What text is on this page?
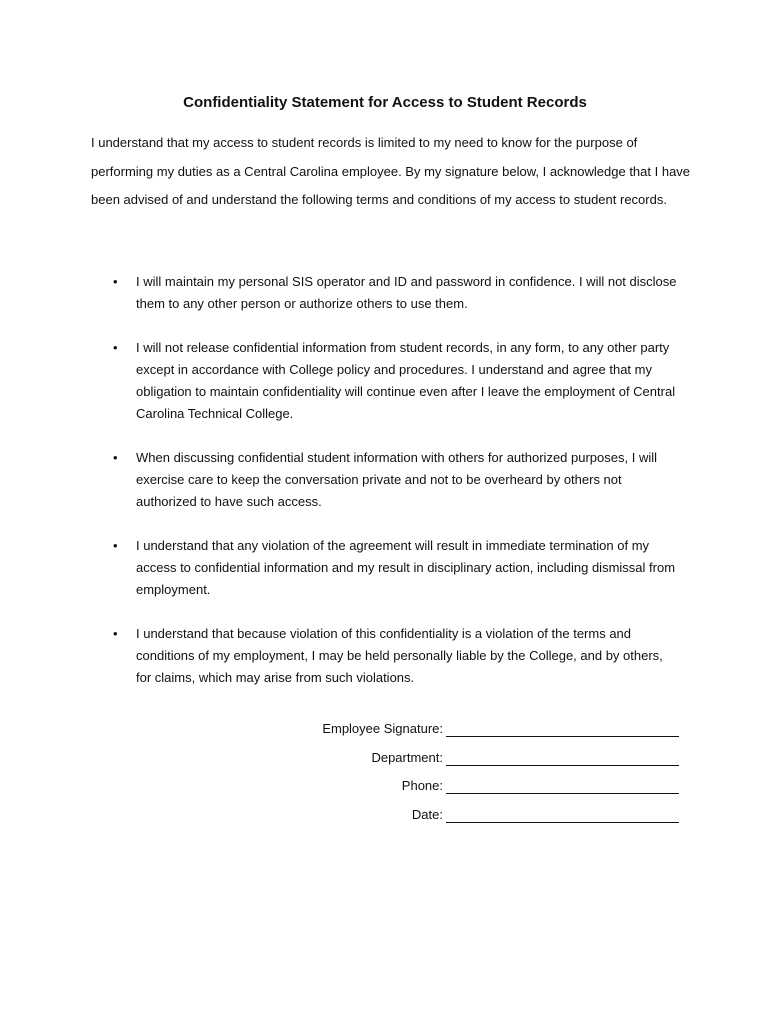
Confidentiality Statement for Access to Student Records

I understand that my access to student records is limited to my need to know for the purpose of performing my duties as a Central Carolina employee. By my signature below, I acknowledge that I have been advised of and understand the following terms and conditions of my access to student records.

• I will maintain my personal SIS operator and ID and password in confidence. I will not disclose them to any other person or authorize others to use them.
• I will not release confidential information from student records, in any form, to any other party except in accordance with College policy and procedures. I understand and agree that my obligation to maintain confidentiality will continue even after I leave the employment of Central Carolina Technical College.
• When discussing confidential student information with others for authorized purposes, I will exercise care to keep the conversation private and not to be overheard by others not authorized to have such access.
• I understand that any violation of the agreement will result in immediate termination of my access to confidential information and my result in disciplinary action, including dismissal from employment.
• I understand that because violation of this confidentiality is a violation of the terms and conditions of my employment, I may be held personally liable by the College, and by others, for claims, which may arise from such violations.
Employee Signature:
Department:
Phone:
Date:
